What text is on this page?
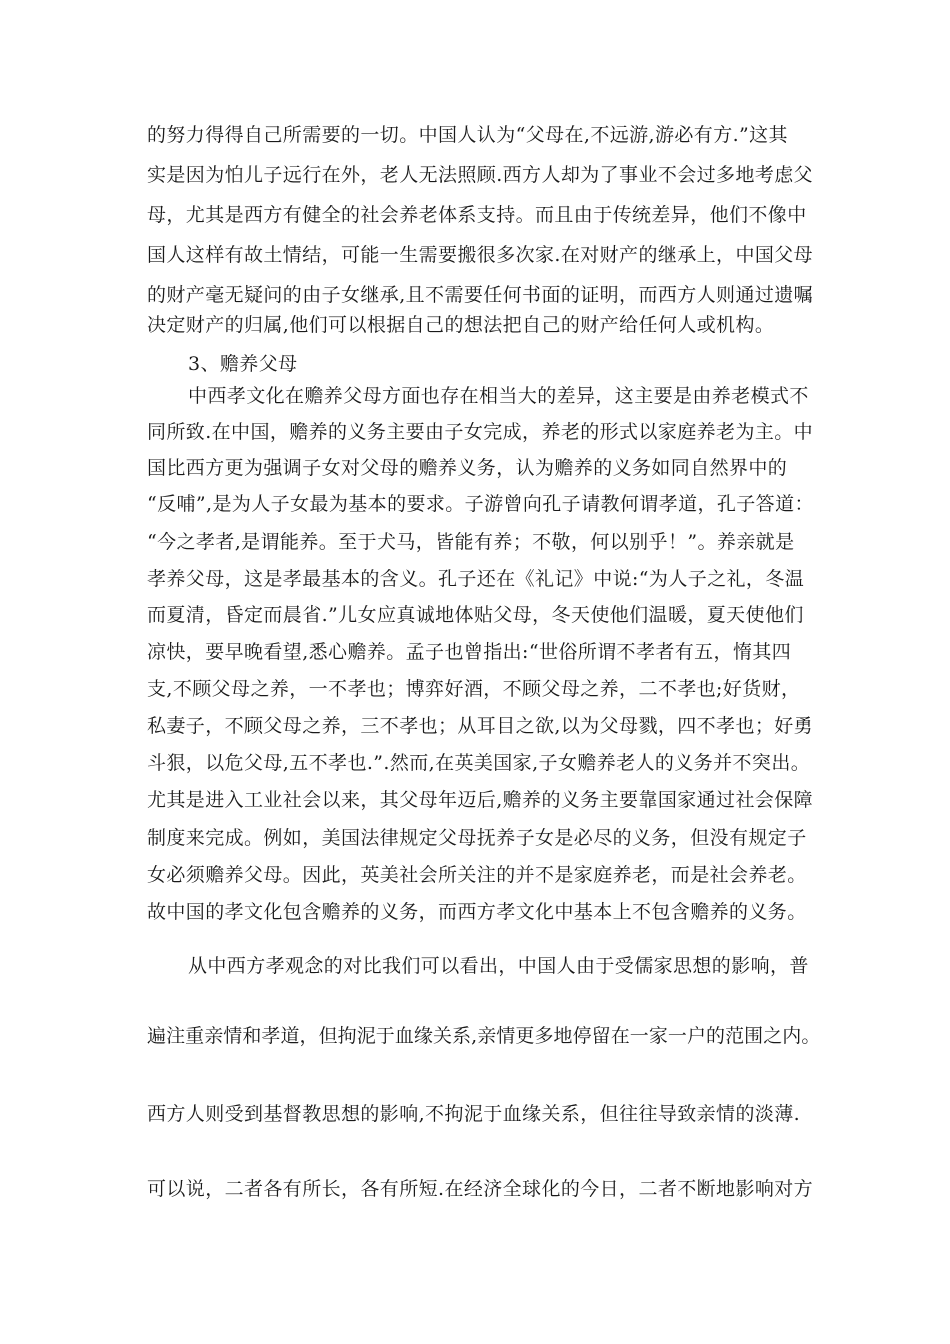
的努力得得自己所需要的一切。中国人认为“父母在,不远游,游必有方.”这其
实是因为怕儿子远行在外，老人无法照顾.西方人却为了事业不会过多地考虑父
母，尤其是西方有健全的社会养老体系支持。而且由于传统差异，他们不像中
国人这样有故土情结，可能一生需要搬很多次家.在对财产的继承上，中国父母
的财产毫无疑问的由子女继承,且不需要任何书面的证明，而西方人则通过遗嘱
决定财产的归属,他们可以根据自己的想法把自己的财产给任何人或机构。
3、赡养父母
中西孝文化在赡养父母方面也存在相当大的差异，这主要是由养老模式不
同所致.在中国，赡养的义务主要由子女完成，养老的形式以家庭养老为主。中
国比西方更为强调子女对父母的赡养义务，认为赡养的义务如同自然界中的
“反哺”,是为人子女最为基本的要求。子游曾向孔子请教何谓孝道，孔子答道：
“今之孝者,是谓能养。至于犬马，皆能有养；不敬，何以别乎！”。养亲就是
孝养父母，这是孝最基本的含义。孔子还在《礼记》中说:“为人子之礼，冬温
而夏清，昏定而晨省.”儿女应真诚地体贴父母，冬天使他们温暖，夏天使他们
凉快，要早晚看望,悉心赡养。孟子也曾指出:“世俗所谓不孝者有五，惰其四
支,不顾父母之养，一不孝也；博弈好酒，不顾父母之养，二不孝也;好货财，
私妻子，不顾父母之养，三不孝也；从耳目之欲,以为父母戮，四不孝也；好勇
斗狠，以危父母,五不孝也.”.然而,在英美国家,子女赡养老人的义务并不突出。
尤其是进入工业社会以来，其父母年迈后,赡养的义务主要靠国家通过社会保障
制度来完成。例如，美国法律规定父母抚养子女是必尽的义务，但没有规定子
女必须赡养父母。因此，英美社会所关注的并不是家庭养老，而是社会养老。
故中国的孝文化包含赡养的义务，而西方孝文化中基本上不包含赡养的义务。
从中西方孝观念的对比我们可以看出，中国人由于受儒家思想的影响，普
遍注重亲情和孝道，但拘泥于血缘关系,亲情更多地停留在一家一户的范围之内。
西方人则受到基督教思想的影响,不拘泥于血缘关系，但往往导致亲情的淡薄.
可以说，二者各有所长，各有所短.在经济全球化的今日，二者不断地影响对方
